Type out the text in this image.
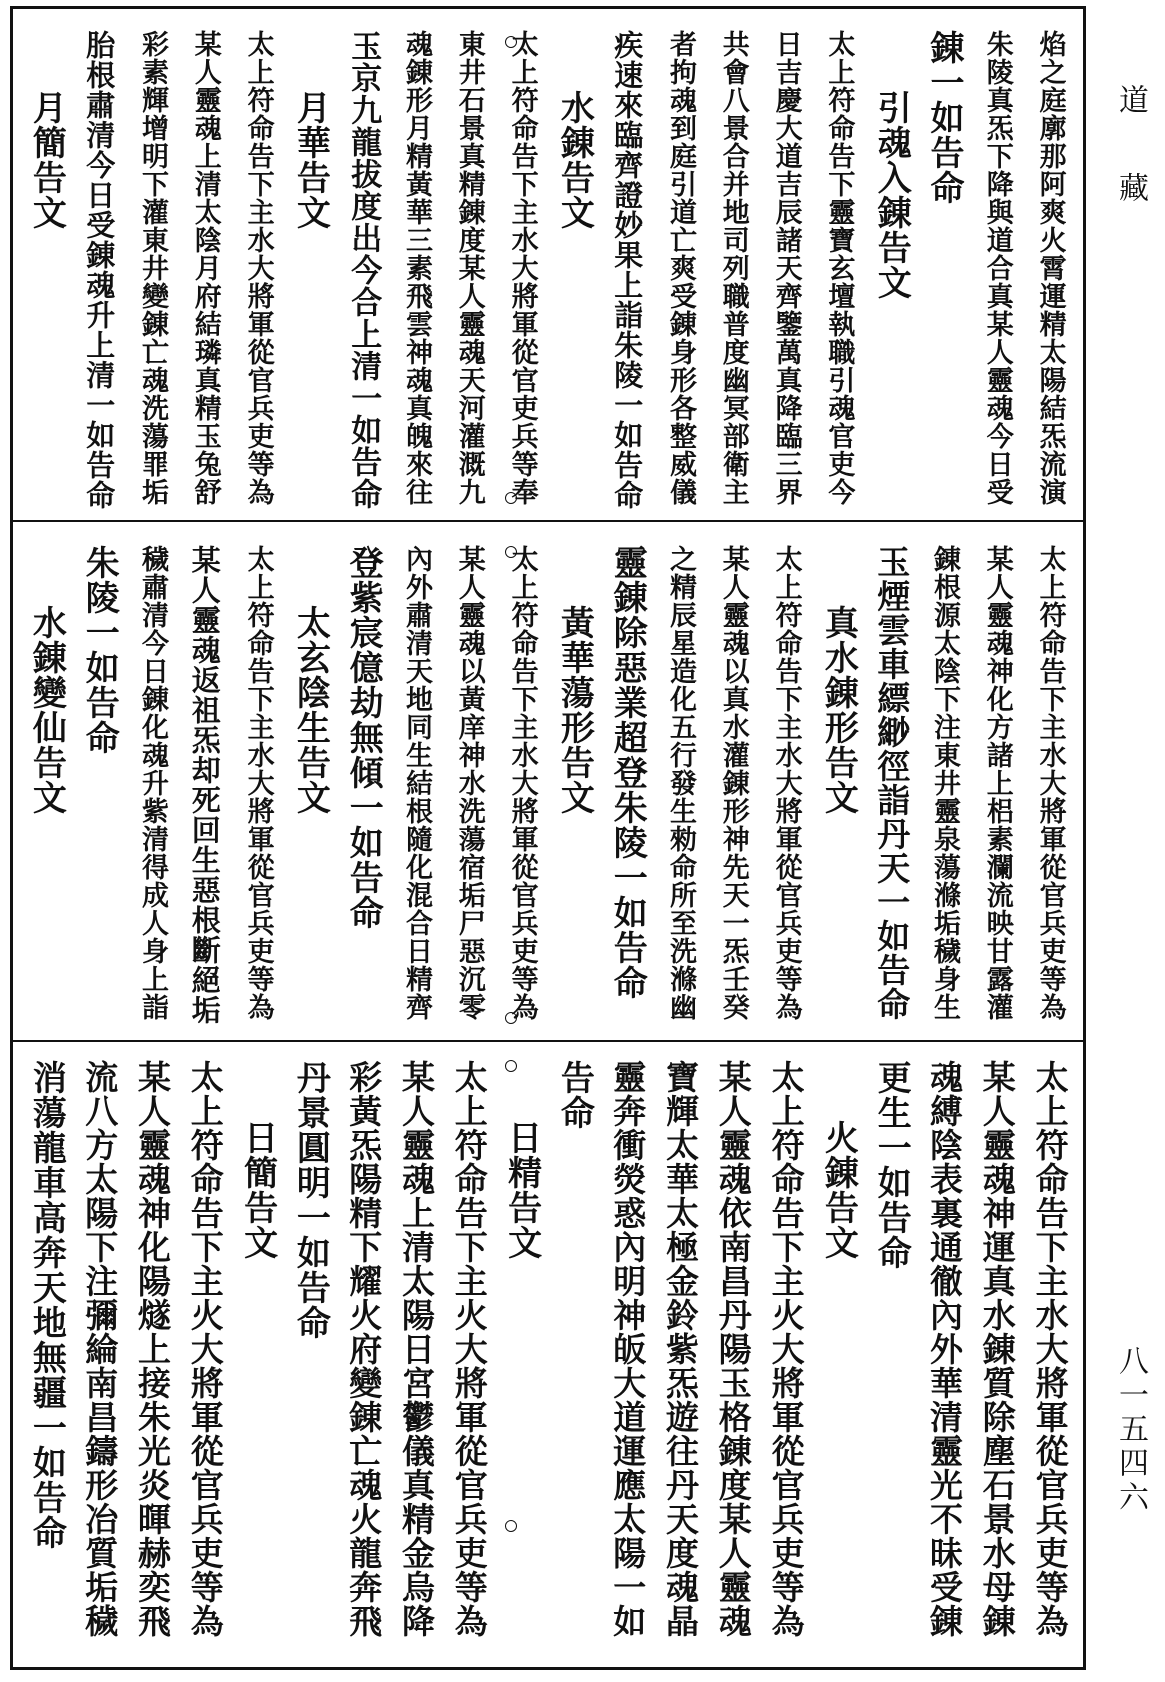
焰之庭廓那阿爽火霄運精太陽結炁流演
朱陵真炁下降與道合真某人靈魂今日受
錬一如告命
引魂入錬告文
太上符命告下靈寶玄壇執職引魂官吏今
日吉慶大道吉辰諸天齊鑒萬真降臨三界
共會八景合并地司列職普度幽冥部衛主
者拘魂到庭引道亡爽受錬身形各整威儀
疾速來臨齊證妙果上詣朱陵一如告命
水錬告文
太上符命告下主水大將軍從官吏兵等奉
東井石景真精錬度某人靈魂天河灌溉九
魂錬形月精黃華三素飛雲神魂真魄來往
玉京九龍拔度出今合上清一如告命
月華告文
太上符命告下主水大將軍從官兵吏等為
某人靈魂上清太陰月府結璘真精玉兔舒
彩素輝增明下灌東井變錬亡魂洗蕩罪垢
胎根肅清今日受錬魂升上清一如告命
月簡告文
太上符命告下主水大將軍從官兵吏等為
某人靈魂神化方諸上梠素瀾流映甘露灌
錬根源太陰下注東井靈泉蕩滌垢穢身生
玉煙雲車縹緲徑詣丹天一如告命
真水錬形告文
太上符命告下主水大將軍從官兵吏等為
某人靈魂以真水灌錬形神先天一炁壬癸
之精辰星造化五行發生勑命所至洗滌幽
靈錬除惡業超登朱陵一如告命
黃華蕩形告文
太上符命告下主水大將軍從官兵吏等為
某人靈魂以黃庠神水洗蕩宿垢尸惡沉零
內外肅清天地同生結根隨化混合日精齊
登紫宸億劫無傾一如告命
太玄陰生告文
太上符命告下主水大將軍從官兵吏等為
某人靈魂返祖炁却死回生惡根斷絕垢
穢肅清今日錬化魂升紫清得成人身上詣
朱陵一如告命
水錬變仙告文
太上符命告下主水大將軍從官兵吏等為
某人靈魂神運真水錬質除塵石景水母錬
魂縛陰表裏通徹內外華清靈光不昧受錬
更生一如告命
火錬告文
太上符命告下主火大將軍從官兵吏等為
某人靈魂依南昌丹陽玉格錬度某人靈魂
寶輝太華太極金鈴紫炁遊往丹天度魂晶
靈奔衝熒惑內明神皈大道運應太陽一如
告命
日精告文
太上符命告下主火大將軍從官兵吏等為
某人靈魂上清太陽日宮鬱儀真精金烏降
彩黃炁陽精下耀火府變錬亡魂火龍奔飛
丹景圓明一如告命
日簡告文
太上符命告下主火大將軍從官兵吏等為
某人靈魂神化陽燧上接朱光炎暉赫奕飛
流八方太陽下注彌綸南昌鑄形冶質垢穢
消蕩龍車高奔天地無疆一如告命
道　藏
八一五四六
